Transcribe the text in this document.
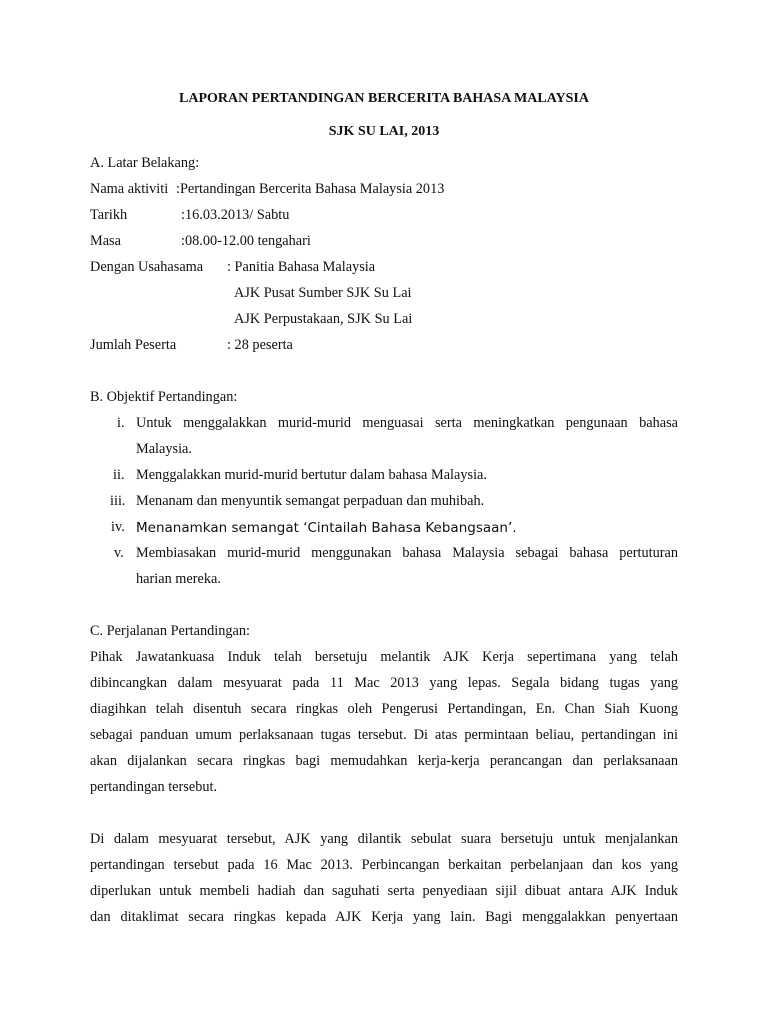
LAPORAN PERTANDINGAN BERCERITA BAHASA MALAYSIA
SJK SU LAI, 2013
A. Latar Belakang:
Nama aktiviti :Pertandingan Bercerita Bahasa Malaysia 2013
Tarikh	:16.03.2013/ Sabtu
Masa	:08.00-12.00 tengahari
Dengan Usahasama : Panitia Bahasa Malaysia
AJK Pusat Sumber SJK Su Lai
AJK Perpustakaan, SJK Su Lai
Jumlah Peserta	: 28 peserta
B. Objektif Pertandingan:
i. Untuk menggalakkan murid-murid menguasai serta meningkatkan pengunaan bahasa
Malaysia.
ii. Menggalakkan murid-murid bertutur dalam bahasa Malaysia.
iii. Menanam dan menyuntik semangat perpaduan dan muhibah.
iv. Menanamkan semangat ‘Cintailah Bahasa Kebangsaan’.
v. Membiasakan murid-murid menggunakan bahasa Malaysia sebagai bahasa pertuturan
harian mereka.
C. Perjalanan Pertandingan:
Pihak Jawatankuasa Induk telah bersetuju melantik AJK Kerja sepertimana yang telah
dibincangkan dalam mesyuarat pada 11 Mac 2013 yang lepas. Segala bidang tugas yang
diagihkan telah disentuh secara ringkas oleh Pengerusi Pertandingan, En. Chan Siah Kuong
sebagai panduan umum perlaksanaan tugas tersebut. Di atas permintaan beliau, pertandingan ini
akan dijalankan secara ringkas bagi memudahkan kerja-kerja perancangan dan perlaksanaan
pertandingan tersebut.
Di dalam mesyuarat tersebut, AJK yang dilantik sebulat suara bersetuju untuk menjalankan
pertandingan tersebut pada 16 Mac 2013. Perbincangan berkaitan perbelanjaan dan kos yang
diperlukan untuk membeli hadiah dan saguhati serta penyediaan sijil dibuat antara AJK Induk
dan ditaklimat secara ringkas kepada AJK Kerja yang lain. Bagi menggalakkan penyertaan
